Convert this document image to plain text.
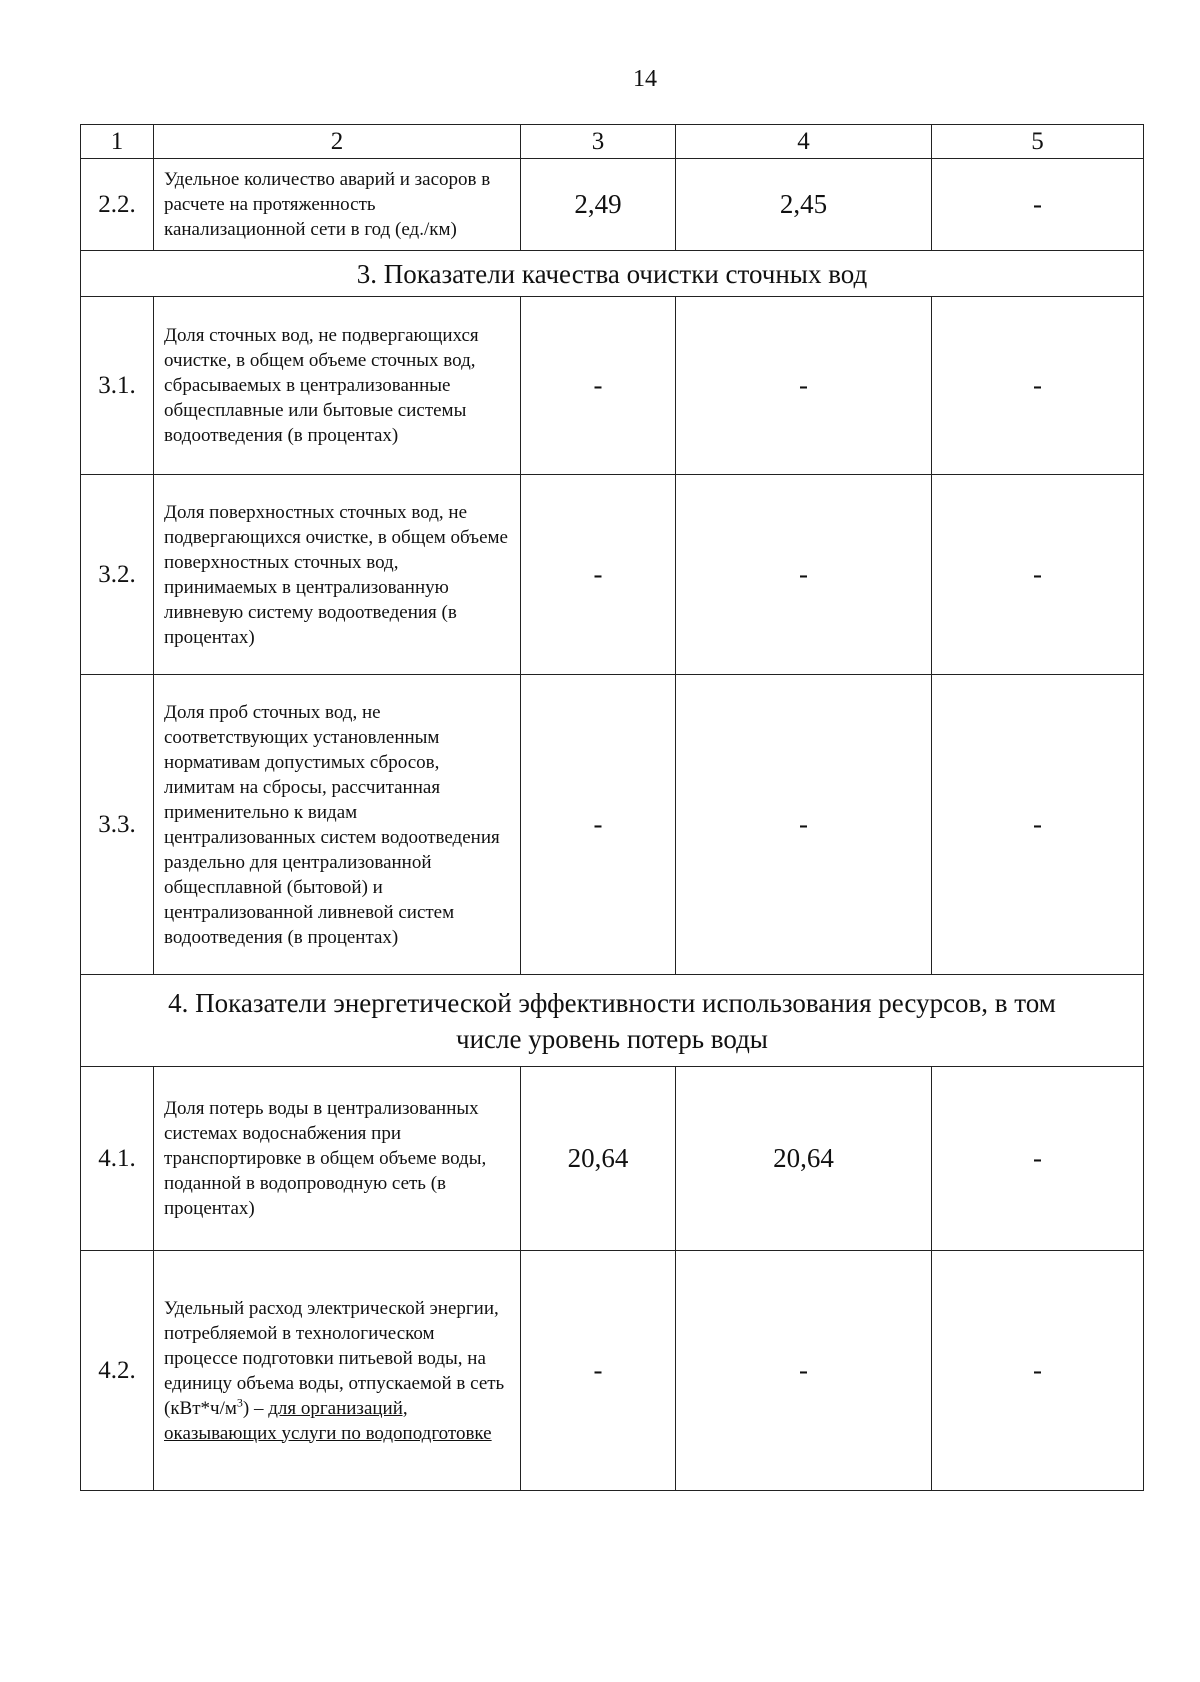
14
1	2	3	4	5
2.2.	Удельное количество аварий и засоров в расчете на протяженность канализационной сети в год (ед./км)	2,49	2,45	-
3. Показатели качества очистки сточных вод				
3.1.	Доля сточных вод, не подвергающихся очистке, в общем объеме сточных вод, сбрасываемых в централизованные общесплавные или бытовые системы водоотведения (в процентах)	-	-	-
3.2.	Доля поверхностных сточных вод, не подвергающихся очистке, в общем объеме поверхностных сточных вод, принимаемых в централизованную ливневую систему водоотведения (в процентах)	-	-	-
3.3.	Доля проб сточных вод, не соответствующих установленным нормативам допустимых сбросов, лимитам на сбросы, рассчитанная применительно к видам централизованных систем водоотведения раздельно для централизованной общесплавной (бытовой) и централизованной ливневой систем водоотведения (в процентах)	-	-	-
4. Показатели энергетической эффективности использования ресурсов, в том числе уровень потерь воды				
4.1.	Доля потерь воды в централизованных системах водоснабжения при транспортировке в общем объеме воды, поданной в водопроводную сеть (в процентах)	20,64	20,64	-
4.2.	Удельный расход электрической энергии, потребляемой в технологическом процессе подготовки питьевой воды, на единицу объема воды, отпускаемой в сеть $(кВт*ч/м^3)$ – для организаций, оказывающих услуги по водоподготовке	-	-	-
